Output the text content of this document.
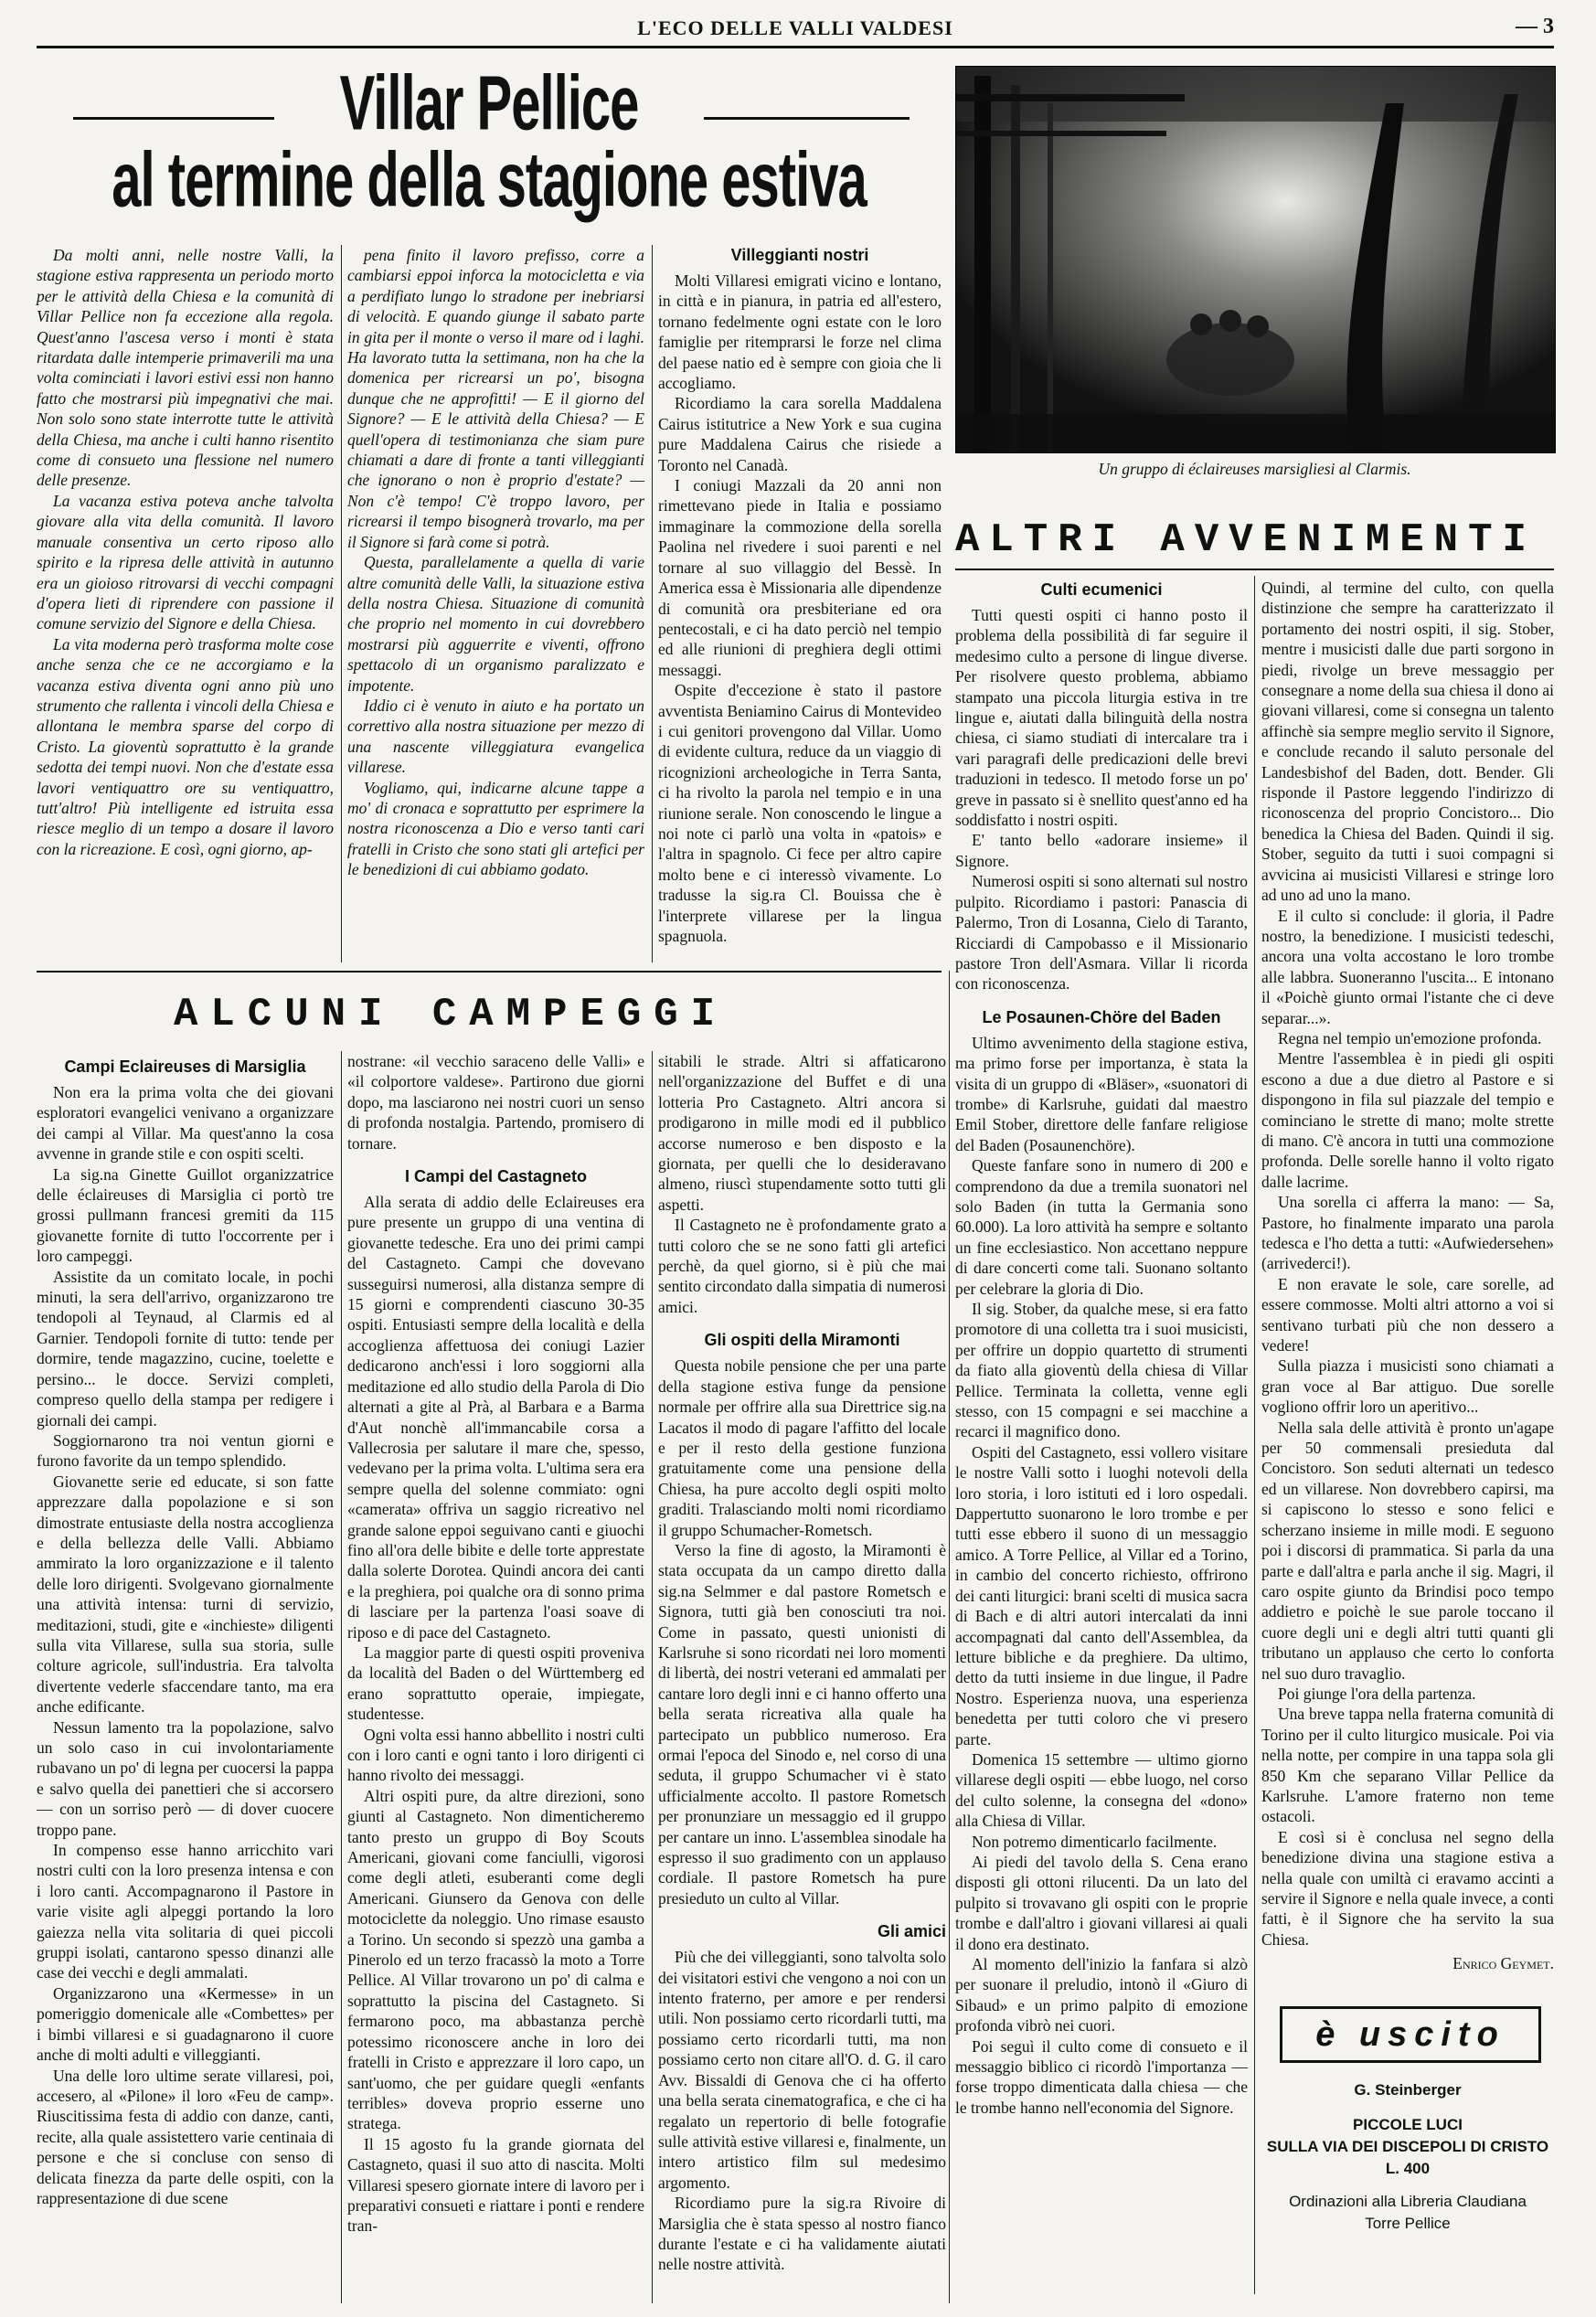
L'ECO DELLE VALLI VALDESI	— 3
Villar Pellice
al termine della stagione estiva
Un gruppo di éclaireuses marsigliesi al Clarmis.

Da molti anni, nelle nostre Valli, la stagione estiva rappresenta un periodo morto per le attività della Chiesa e la comunità di Villar Pellice non fa eccezione alla regola. Quest'anno l'ascesa verso i monti è stata ritardata dalle intemperie primaverili ma una volta cominciati i lavori estivi essi non hanno fatto che mostrarsi più impegnativi che mai. Non solo sono state interrotte tutte le attività della Chiesa, ma anche i culti hanno risentito come di consueto una flessione nel numero delle presenze.

La vacanza estiva poteva anche talvolta giovare alla vita della comunità. Il lavoro manuale consentiva un certo riposo allo spirito e la ripresa delle attività in autunno era un gioioso ritrovarsi di vecchi compagni d'opera lieti di riprendere con passione il comune servizio del Signore e della Chiesa.

La vita moderna però trasforma molte cose anche senza che ce ne accorgiamo e la vacanza estiva diventa ogni anno più uno strumento che rallenta i vincoli della Chiesa e allontana le membra sparse del corpo di Cristo. La gioventù soprattutto è la grande sedotta dei tempi nuovi. Non che d'estate essa lavori ventiquattro ore su ventiquattro, tutt'altro! Più intelligente ed istruita essa riesce meglio di un tempo a dosare il lavoro con la ricreazione. E così, ogni giorno, ap-

pena finito il lavoro prefisso, corre a cambiarsi eppoi inforca la motocicletta e via a perdifiato lungo lo stradone per inebriarsi di velocità. E quando giunge il sabato parte in gita per il monte o verso il mare od i laghi. Ha lavorato tutta la settimana, non ha che la domenica per ricrearsi un po', bisogna dunque che ne approfitti! — E il giorno del Signore? — E le attività della Chiesa? — E quell'opera di testimonianza che siam pure chiamati a dare di fronte a tanti villeggianti che ignorano o non è proprio d'estate? — Non c'è tempo! C'è troppo lavoro, per ricrearsi il tempo bisognerà trovarlo, ma per il Signore si farà come si potrà.

Questa, parallelamente a quella di varie altre comunità delle Valli, la situazione estiva della nostra Chiesa. Situazione di comunità che proprio nel momento in cui dovrebbero mostrarsi più agguerrite e viventi, offrono spettacolo di un organismo paralizzato e impotente.

Iddio ci è venuto in aiuto e ha portato un correttivo alla nostra situazione per mezzo di una nascente villeggiatura evangelica villarese.

Vogliamo, qui, indicarne alcune tappe a mo' di cronaca e soprattutto per esprimere la nostra riconoscenza a Dio e verso tanti cari fratelli in Cristo che sono stati gli artefici per le benedizioni di cui abbiamo godato.

Villeggianti nostri

Molti Villaresi emigrati vicino e lontano, in città e in pianura, in patria ed all'estero, tornano fedelmente ogni estate con le loro famiglie per ritemprarsi le forze nel clima del paese natio ed è sempre con gioia che li accogliamo.

Ricordiamo la cara sorella Maddalena Cairus istitutrice a New York e sua cugina pure Maddalena Cairus che risiede a Toronto nel Canadà.

I coniugi Mazzali da 20 anni non rimettevano piede in Italia e possiamo immaginare la commozione della sorella Paolina nel rivedere i suoi parenti e nel tornare al suo villaggio del Bessè. In America essa è Missionaria alle dipendenze di comunità ora presbiteriane ed ora pentecostali, e ci ha dato perciò nel tempio ed alle riunioni di preghiera degli ottimi messaggi.

Ospite d'eccezione è stato il pastore avventista Beniamino Cairus di Montevideo i cui genitori provengono dal Villar. Uomo di evidente cultura, reduce da un viaggio di ricognizioni archeologiche in Terra Santa, ci ha rivolto la parola nel tempio e in una riunione serale. Non conoscendo le lingue a noi note ci parlò una volta in «patois» e l'altra in spagnolo. Ci fece per altro capire molto bene e ci interessò vivamente. Lo tradusse la sig.ra Cl. Bouissa che è l'interprete villarese per la lingua spagnuola.

ALTRI AVVENIMENTI
Culti ecumenici

Tutti questi ospiti ci hanno posto il problema della possibilità di far seguire il medesimo culto a persone di lingue diverse. Per risolvere questo problema, abbiamo stampato una piccola liturgia estiva in tre lingue e, aiutati dalla bilinguità della nostra chiesa, ci siamo studiati di intercalare tra i vari paragrafi delle predicazioni delle brevi traduzioni in tedesco. Il metodo forse un po' greve in passato si è snellito quest'anno ed ha soddisfatto i nostri ospiti.

E' tanto bello «adorare insieme» il Signore.

Numerosi ospiti si sono alternati sul nostro pulpito. Ricordiamo i pastori: Panascia di Palermo, Tron di Losanna, Cielo di Taranto, Ricciardi di Campobasso e il Missionario pastore Tron dell'Asmara. Villar li ricorda con riconoscenza.

Le Posaunen-Chöre del Baden

Ultimo avvenimento della stagione estiva, ma primo forse per importanza, è stata la visita di un gruppo di «Bläser», «suonatori di trombe» di Karlsruhe, guidati dal maestro Emil Stober, direttore delle fanfare religiose del Baden (Posaunenchöre).

Queste fanfare sono in numero di 200 e comprendono da due a tremila suonatori nel solo Baden (in tutta la Germania sono 60.000). La loro attività ha sempre e soltanto un fine ecclesiastico. Non accettano neppure di dare concerti come tali. Suonano soltanto per celebrare la gloria di Dio.

Il sig. Stober, da qualche mese, si era fatto promotore di una colletta tra i suoi musicisti, per offrire un doppio quartetto di strumenti da fiato alla gioventù della chiesa di Villar Pellice. Terminata la colletta, venne egli stesso, con 15 compagni e sei macchine a recarci il magnifico dono.

Ospiti del Castagneto, essi vollero visitare le nostre Valli sotto i luoghi notevoli della loro storia, i loro istituti ed i loro ospedali. Dappertutto suonarono le loro trombe e per tutti esse ebbero il suono di un messaggio amico. A Torre Pellice, al Villar ed a Torino, in cambio del concerto richiesto, offrirono dei canti liturgici: brani scelti di musica sacra di Bach e di altri autori intercalati da inni accompagnati dal canto dell'Assemblea, da letture bibliche e da preghiere. Da ultimo, detto da tutti insieme in due lingue, il Padre Nostro. Esperienza nuova, una esperienza benedetta per tutti coloro che vi presero parte.

Domenica 15 settembre — ultimo giorno villarese degli ospiti — ebbe luogo, nel corso del culto solenne, la consegna del «dono» alla Chiesa di Villar.

Non potremo dimenticarlo facilmente.

Ai piedi del tavolo della S. Cena erano disposti gli ottoni rilucenti. Da un lato del pulpito si trovavano gli ospiti con le proprie trombe e dall'altro i giovani villaresi ai quali il dono era destinato.

Al momento dell'inizio la fanfara si alzò per suonare il preludio, intonò il «Giuro di Sibaud» e un primo palpito di emozione profonda vibrò nei cuori.

Poi seguì il culto come di consueto e il messaggio biblico ci ricordò l'importanza — forse troppo dimenticata dalla chiesa — che le trombe hanno nell'economia del Signore.

Quindi, al termine del culto, con quella distinzione che sempre ha caratterizzato il portamento dei nostri ospiti, il sig. Stober, mentre i musicisti dalle due parti sorgono in piedi, rivolge un breve messaggio per consegnare a nome della sua chiesa il dono ai giovani villaresi, come si consegna un talento affinchè sia sempre meglio servito il Signore, e conclude recando il saluto personale del Landesbishof del Baden, dott. Bender. Gli risponde il Pastore leggendo l'indirizzo di riconoscenza del proprio Concistoro... Dio benedica la Chiesa del Baden. Quindi il sig. Stober, seguito da tutti i suoi compagni si avvicina ai musicisti Villaresi e stringe loro ad uno ad uno la mano.

E il culto si conclude: il gloria, il Padre nostro, la benedizione. I musicisti tedeschi, ancora una volta accostano le loro trombe alle labbra. Suoneranno l'uscita... E intonano il «Poichè giunto ormai l'istante che ci deve separar...».

Regna nel tempio un'emozione profonda.

Mentre l'assemblea è in piedi gli ospiti escono a due a due dietro al Pastore e si dispongono in fila sul piazzale del tempio e cominciano le strette di mano; molte strette di mano. C'è ancora in tutti una commozione profonda. Delle sorelle hanno il volto rigato dalle lacrime.

Una sorella ci afferra la mano: — Sa, Pastore, ho finalmente imparato una parola tedesca e l'ho detta a tutti: «Aufwiedersehen» (arrivederci!).

E non eravate le sole, care sorelle, ad essere commosse. Molti altri attorno a voi si sentivano turbati più che non dessero a vedere!

Sulla piazza i musicisti sono chiamati a gran voce al Bar attiguo. Due sorelle vogliono offrir loro un aperitivo...

Nella sala delle attività è pronto un'agape per 50 commensali presieduta dal Concistoro. Son seduti alternati un tedesco ed un villarese. Non dovrebbero capirsi, ma si capiscono lo stesso e sono felici e scherzano insieme in mille modi. E seguono poi i discorsi di prammatica. Si parla da una parte e dall'altra e parla anche il sig. Magri, il caro ospite giunto da Brindisi poco tempo addietro e poichè le sue parole toccano il cuore degli uni e degli altri tutti quanti gli tributano un applauso che certo lo conforta nel suo duro travaglio.

Poi giunge l'ora della partenza.

Una breve tappa nella fraterna comunità di Torino per il culto liturgico musicale. Poi via nella notte, per compire in una tappa sola gli 850 Km che separano Villar Pellice da Karlsruhe. L'amore fraterno non teme ostacoli.

E così si è conclusa nel segno della benedizione divina una stagione estiva a nella quale con umiltà ci eravamo accinti a servire il Signore e nella quale invece, a conti fatti, è il Signore che ha servito la sua Chiesa.

Enrico Geymet.

è uscito
G. Steinberger
PICCOLE LUCI
SULLA VIA DEI DISCEPOLI DI CRISTO
L. 400
Ordinazioni alla Libreria Claudiana
Torre Pellice
ALCUNI CAMPEGGI
Campi Eclaireuses di Marsiglia

Non era la prima volta che dei giovani esploratori evangelici venivano a organizzare dei campi al Villar. Ma quest'anno la cosa avvenne in grande stile e con ospiti scelti.

La sig.na Ginette Guillot organizzatrice delle éclaireuses di Marsiglia ci portò tre grossi pullmann francesi gremiti da 115 giovanette fornite di tutto l'occorrente per i loro campeggi.

Assistite da un comitato locale, in pochi minuti, la sera dell'arrivo, organizzarono tre tendopoli al Teynaud, al Clarmis ed al Garnier. Tendopoli fornite di tutto: tende per dormire, tende magazzino, cucine, toelette e persino... le docce. Servizi completi, compreso quello della stampa per redigere i giornali dei campi.

Soggiornarono tra noi ventun giorni e furono favorite da un tempo splendido.

Giovanette serie ed educate, si son fatte apprezzare dalla popolazione e si son dimostrate entusiaste della nostra accoglienza e della bellezza delle Valli. Abbiamo ammirato la loro organizzazione e il talento delle loro dirigenti. Svolgevano giornalmente una attività intensa: turni di servizio, meditazioni, studi, gite e «inchieste» diligenti sulla vita Villarese, sulla sua storia, sulle colture agricole, sull'industria. Era talvolta divertente vederle sfaccendare tanto, ma era anche edificante.

Nessun lamento tra la popolazione, salvo un solo caso in cui involontariamente rubavano un po' di legna per cuocersi la pappa e salvo quella dei panettieri che si accorsero — con un sorriso però — di dover cuocere troppo pane.

In compenso esse hanno arricchito vari nostri culti con la loro presenza intensa e con i loro canti. Accompagnarono il Pastore in varie visite agli alpeggi portando la loro gaiezza nella vita solitaria di quei piccoli gruppi isolati, cantarono spesso dinanzi alle case dei vecchi e degli ammalati.

Organizzarono una «Kermesse» in un pomeriggio domenicale alle «Combettes» per i bimbi villaresi e si guadagnarono il cuore anche di molti adulti e villeggianti.

Una delle loro ultime serate villaresi, poi, accesero, al «Pilone» il loro «Feu de camp». Riuscitissima festa di addio con danze, canti, recite, alla quale assistettero varie centinaia di persone e che si concluse con senso di delicata finezza da parte delle ospiti, con la rappresentazione di due scene

nostrane: «il vecchio saraceno delle Valli» e «il colportore valdese». Partirono due giorni dopo, ma lasciarono nei nostri cuori un senso di profonda nostalgia. Partendo, promisero di tornare.

I Campi del Castagneto

Alla serata di addio delle Eclaireuses era pure presente un gruppo di una ventina di giovanette tedesche. Era uno dei primi campi del Castagneto. Campi che dovevano susseguirsi numerosi, alla distanza sempre di 15 giorni e comprendenti ciascuno 30-35 ospiti. Entusiasti sempre della località e della accoglienza affettuosa dei coniugi Lazier dedicarono anch'essi i loro soggiorni alla meditazione ed allo studio della Parola di Dio alternati a gite al Prà, al Barbara e a Barma d'Aut nonchè all'immancabile corsa a Vallecrosia per salutare il mare che, spesso, vedevano per la prima volta. L'ultima sera era sempre quella del solenne commiato: ogni «camerata» offriva un saggio ricreativo nel grande salone eppoi seguivano canti e giuochi fino all'ora delle bibite e delle torte apprestate dalla solerte Dorotea. Quindi ancora dei canti e la preghiera, poi qualche ora di sonno prima di lasciare per la partenza l'oasi soave di riposo e di pace del Castagneto.

La maggior parte di questi ospiti proveniva da località del Baden o del Württemberg ed erano soprattutto operaie, impiegate, studentesse.

Ogni volta essi hanno abbellito i nostri culti con i loro canti e ogni tanto i loro dirigenti ci hanno rivolto dei messaggi.

Altri ospiti pure, da altre direzioni, sono giunti al Castagneto. Non dimenticheremo tanto presto un gruppo di Boy Scouts Americani, giovani come fanciulli, vigorosi come degli atleti, esuberanti come degli Americani. Giunsero da Genova con delle motociclette da noleggio. Uno rimase esausto a Torino. Un secondo si spezzò una gamba a Pinerolo ed un terzo fracassò la moto a Torre Pellice. Al Villar trovarono un po' di calma e soprattutto la piscina del Castagneto. Si fermarono poco, ma abbastanza perchè potessimo riconoscere anche in loro dei fratelli in Cristo e apprezzare il loro capo, un sant'uomo, che per guidare quegli «enfants terribles» doveva proprio esserne uno stratega.

Il 15 agosto fu la grande giornata del Castagneto, quasi il suo atto di nascita. Molti Villaresi spesero giornate intere di lavoro per i preparativi consueti e riattare i ponti e rendere tran-

sitabili le strade. Altri si affaticarono nell'organizzazione del Buffet e di una lotteria Pro Castagneto. Altri ancora si prodigarono in mille modi ed il pubblico accorse numeroso e ben disposto e la giornata, per quelli che lo desideravano almeno, riuscì stupendamente sotto tutti gli aspetti.

Il Castagneto ne è profondamente grato a tutti coloro che se ne sono fatti gli artefici perchè, da quel giorno, si è più che mai sentito circondato dalla simpatia di numerosi amici.

Gli ospiti della Miramonti

Questa nobile pensione che per una parte della stagione estiva funge da pensione normale per offrire alla sua Direttrice sig.na Lacatos il modo di pagare l'affitto del locale e per il resto della gestione funziona gratuitamente come una pensione della Chiesa, ha pure accolto degli ospiti molto graditi. Tralasciando molti nomi ricordiamo il gruppo Schumacher-Rometsch.

Verso la fine di agosto, la Miramonti è stata occupata da un campo diretto dalla sig.na Selmmer e dal pastore Rometsch e Signora, tutti già ben conosciuti tra noi. Come in passato, questi unionisti di Karlsruhe si sono ricordati nei loro momenti di libertà, dei nostri veterani ed ammalati per cantare loro degli inni e ci hanno offerto una bella serata ricreativa alla quale ha partecipato un pubblico numeroso. Era ormai l'epoca del Sinodo e, nel corso di una seduta, il gruppo Schumacher vi è stato ufficialmente accolto. Il pastore Rometsch per pronunziare un messaggio ed il gruppo per cantare un inno. L'assemblea sinodale ha espresso il suo gradimento con un applauso cordiale. Il pastore Rometsch ha pure presieduto un culto al Villar.

Gli amici

Più che dei villeggianti, sono talvolta solo dei visitatori estivi che vengono a noi con un intento fraterno, per amore e per rendersi utili. Non possiamo certo ricordarli tutti, ma possiamo certo ricordarli tutti, ma non possiamo certo non citare all'O. d. G. il caro Avv. Bissaldi di Genova che ci ha offerto una bella serata cinematografica, e che ci ha regalato un repertorio di belle fotografie sulle attività estive villaresi e, finalmente, un intero artistico film sul medesimo argomento.

Ricordiamo pure la sig.ra Rivoire di Marsiglia che è stata spesso al nostro fianco durante l'estate e ci ha validamente aiutati nelle nostre attività.
